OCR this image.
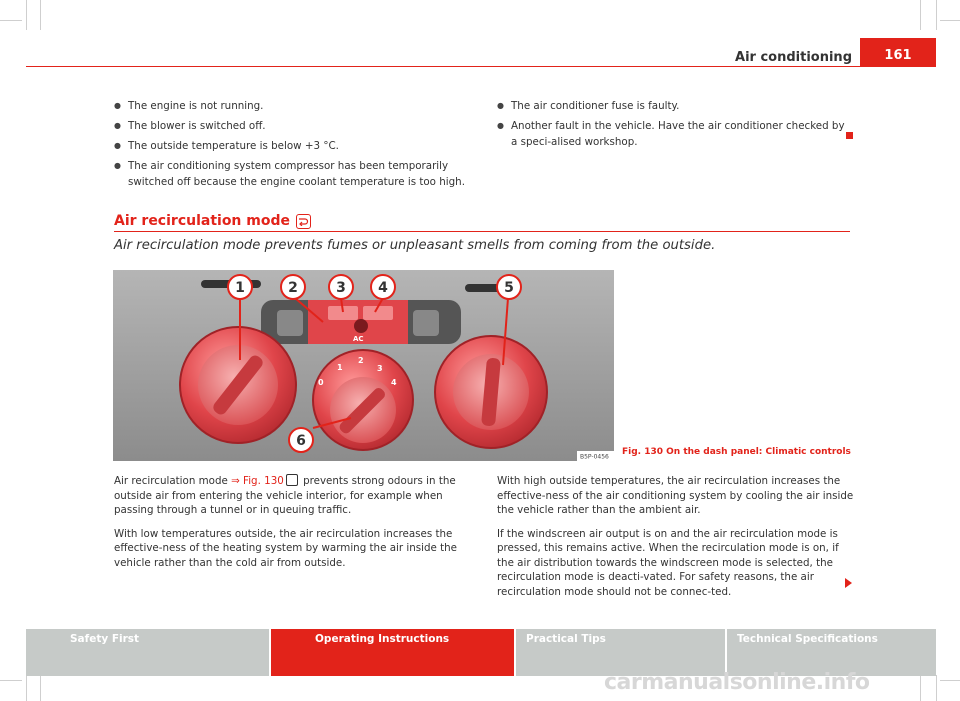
Air conditioning	161
● The engine is not running.
● The blower is switched off.
● The outside temperature is below +3 °C.
● The air conditioning system compressor has been temporarily switched off because the engine coolant temperature is too high.
● The air conditioner fuse is faulty.
● Another fault in the vehicle. Have the air conditioner checked by a speci-alised workshop.
Air recirculation mode
Air recirculation mode prevents fumes or unpleasant smells from coming from the outside.
AC
0
1
2
3
4
1	2	3 4	5
6
B5P-0456 Fig. 130 On the dash panel: Climatic controls

Air recirculation mode ⇒ Fig. 130 prevents strong odours in the outside air from entering the vehicle interior, for example when passing through a tunnel or in queuing traffic.

With low temperatures outside, the air recirculation increases the effective-ness of the heating system by warming the air inside the vehicle rather than the cold air from outside.

With high outside temperatures, the air recirculation increases the effective-ness of the air conditioning system by cooling the air inside the vehicle rather than the ambient air.

If the windscreen air output is on and the air recirculation mode is pressed, this remains active. When the recirculation mode is on, if the air distribution towards the windscreen mode is selected, the recirculation mode is deacti-vated. For safety reasons, the air recirculation mode should not be connec-ted.

Safety First	Operating Instructions	Practical Tips	Technical Specifications
carmanualsonline.info
